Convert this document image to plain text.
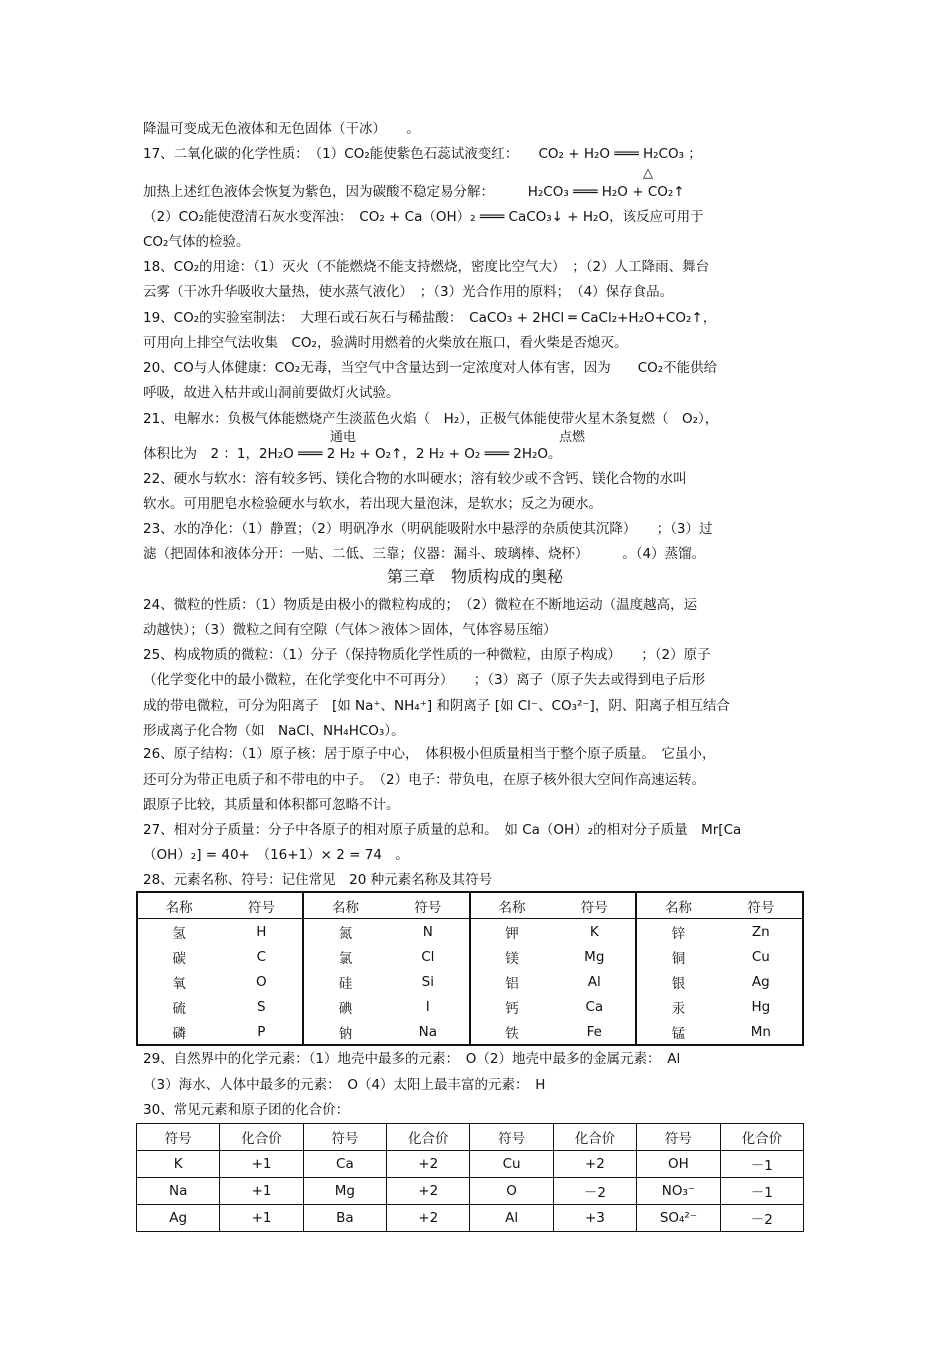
降温可变成无色液体和无色固体（干冰）　　。
17、二氧化碳的化学性质：　（1）CO₂能使紫色石蕊试液变红：　　CO₂ + H₂O ═══ H₂CO₃ ；
加热上述红色液体会恢复为紫色，因为碳酸不稳定易分解：　　　H₂CO₃ ═══ H₂O + CO₂↑
（2）CO₂能使澄清石灰水变浑浊：　CO₂ + Ca（OH）₂ ═══ CaCO₃↓ + H₂O，该反应可用于
CO₂气体的检验。
18、CO₂的用途：（1）灭火（不能燃烧不能支持燃烧，密度比空气大）　；（2）人工降雨、舞台
云雾（干冰升华吸收大量热，使水蒸气液化）　；（3）光合作用的原料；　（4）保存食品。
19、CO₂的实验室制法：　大理石或石灰石与稀盐酸：　CaCO₃ + 2HCl ═ CaCl₂+H₂O+CO₂↑，
可用向上排空气法收集　CO₂，验满时用燃着的火柴放在瓶口，看火柴是否熄灭。
20、CO与人体健康：CO₂无毒，当空气中含量达到一定浓度对人体有害，因为　　CO₂不能供给
呼吸，故进入枯井或山洞前要做灯火试验。
21、电解水：负极气体能燃烧产生淡蓝色火焰（　H₂），正极气体能使带火星木条复燃（　O₂），
体积比为　2 ：1，2H₂O ═══ 2 H₂ + O₂↑，2 H₂ + O₂ ═══ 2H₂O。
22、硬水与软水：溶有较多钙、镁化合物的水叫硬水；溶有较少或不含钙、镁化合物的水叫
软水。可用肥皂水检验硬水与软水，若出现大量泡沫，是软水；反之为硬水。
23、水的净化：（1）静置；（2）明矾净水（明矾能吸附水中悬浮的杂质使其沉降）　　；（3）过
滤（把固体和液体分开：一贴、二低、三靠；仪器：漏斗、玻璃棒、烧杯）　　　。（4）蒸馏。
24、微粒的性质：（1）物质是由极小的微粒构成的；　（2）微粒在不断地运动（温度越高，运
动越快）；（3）微粒之间有空隙（气体＞液体＞固体，气体容易压缩）
25、构成物质的微粒：（1）分子（保持物质化学性质的一种微粒，由原子构成）　　；（2）原子
（化学变化中的最小微粒，在化学变化中不可再分）　　；（3）离子（原子失去或得到电子后形
成的带电微粒，可分为阳离子　[如 Na⁺、NH₄⁺] 和阴离子 [如 Cl⁻、CO₃²⁻]，阴、阳离子相互结合
形成离子化合物（如　NaCl、NH₄HCO₃）。
26、原子结构：（1）原子核：居于原子中心，　体积极小但质量相当于整个原子质量。　它虽小，
还可分为带正电质子和不带电的中子。　（2）电子：带负电，在原子核外很大空间作高速运转。
跟原子比较，其质量和体积都可忽略不计。
27、相对分子质量：分子中各原子的相对原子质量的总和。　如 Ca（OH）₂的相对分子质量　Mr[Ca
（OH）₂] = 40+　（16+1）× 2 = 74　。
28、元素名称、符号：记住常见　20 种元素名称及其符号
第三章　物质构成的奥秘
△
通电	点燃
名称	符号	名称	符号	名称	符号	名称	符号
氢	H	氮	N	钾	K	锌	Zn
碳	C	氯	Cl	镁	Mg	铜	Cu
氧	O	硅	Si	铝	Al	银	Ag
硫	S	碘	I	钙	Ca	汞	Hg
磷	P	钠	Na	铁	Fe	锰	Mn
29、自然界中的化学元素：（1）地壳中最多的元素：　O（2）地壳中最多的金属元素：　Al
（3）海水、人体中最多的元素：　O（4）太阳上最丰富的元素：　H
30、常见元素和原子团的化合价：
符号	化合价	符号	化合价	符号	化合价	符号	化合价
K	+1	Ca	+2	Cu	+2	OH	－1
Na	+1	Mg	+2	O	－2	NO₃⁻	－1
Ag	+1	Ba	+2	Al	+3	SO₄²⁻	－2
